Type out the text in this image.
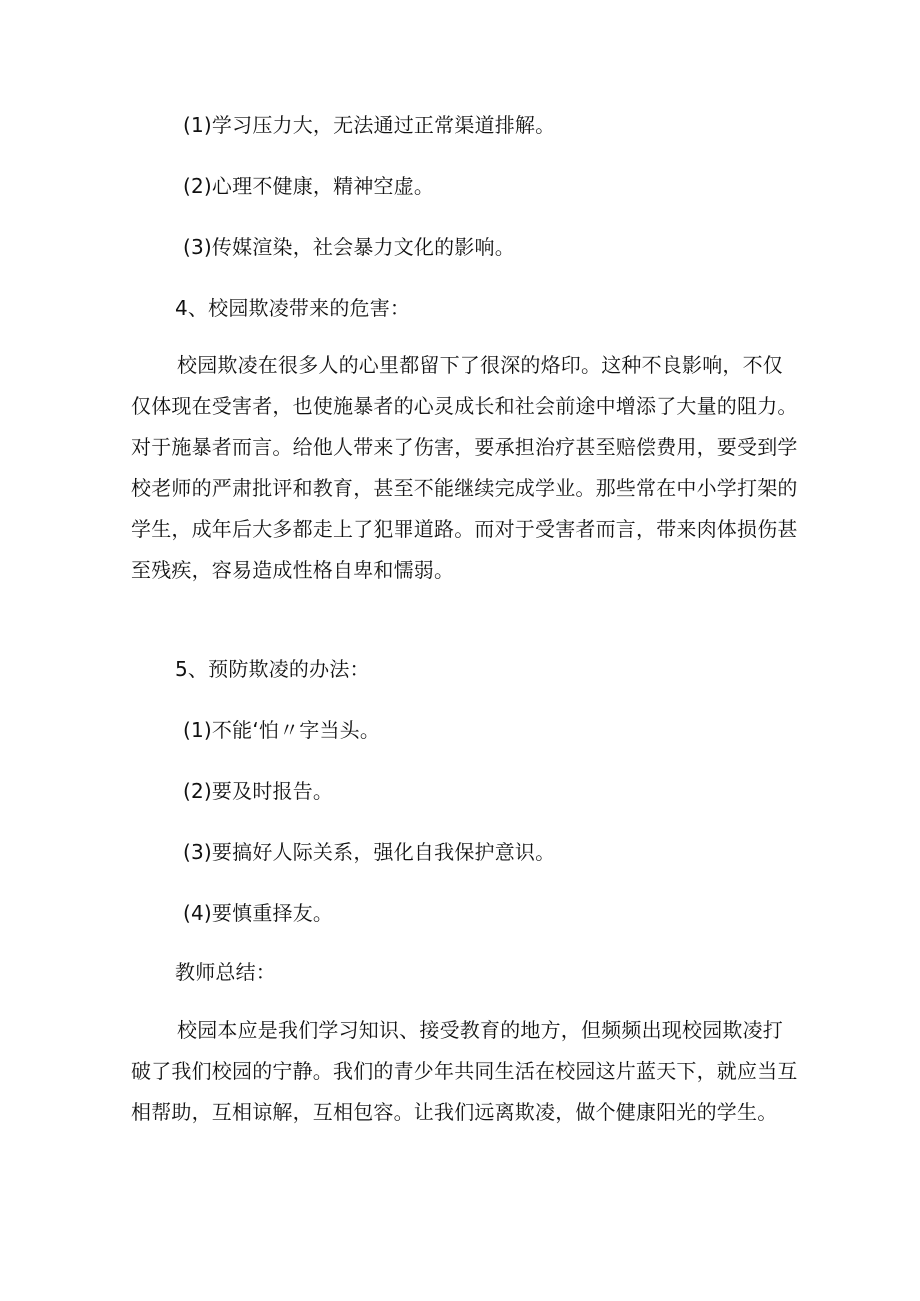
(1)学习压力大，无法通过正常渠道排解。
(2)心理不健康，精神空虚。
(3)传媒渲染，社会暴力文化的影响。
4、校园欺凌带来的危害：
校园欺凌在很多人的心里都留下了很深的烙印。这种不良影响，不仅
仅体现在受害者，也使施暴者的心灵成长和社会前途中增添了大量的阻力。
对于施暴者而言。给他人带来了伤害，要承担治疗甚至赔偿费用，要受到学
校老师的严肃批评和教育，甚至不能继续完成学业。那些常在中小学打架的
学生，成年后大多都走上了犯罪道路。而对于受害者而言，带来肉体损伤甚
至残疾，容易造成性格自卑和懦弱。
5、预防欺凌的办法：
(1)不能‘怕〃字当头。
(2)要及时报告。
(3)要搞好人际关系，强化自我保护意识。
(4)要慎重择友。
教师总结：
校园本应是我们学习知识、接受教育的地方，但频频出现校园欺凌打
破了我们校园的宁静。我们的青少年共同生活在校园这片蓝天下，就应当互
相帮助，互相谅解，互相包容。让我们远离欺凌，做个健康阳光的学生。
